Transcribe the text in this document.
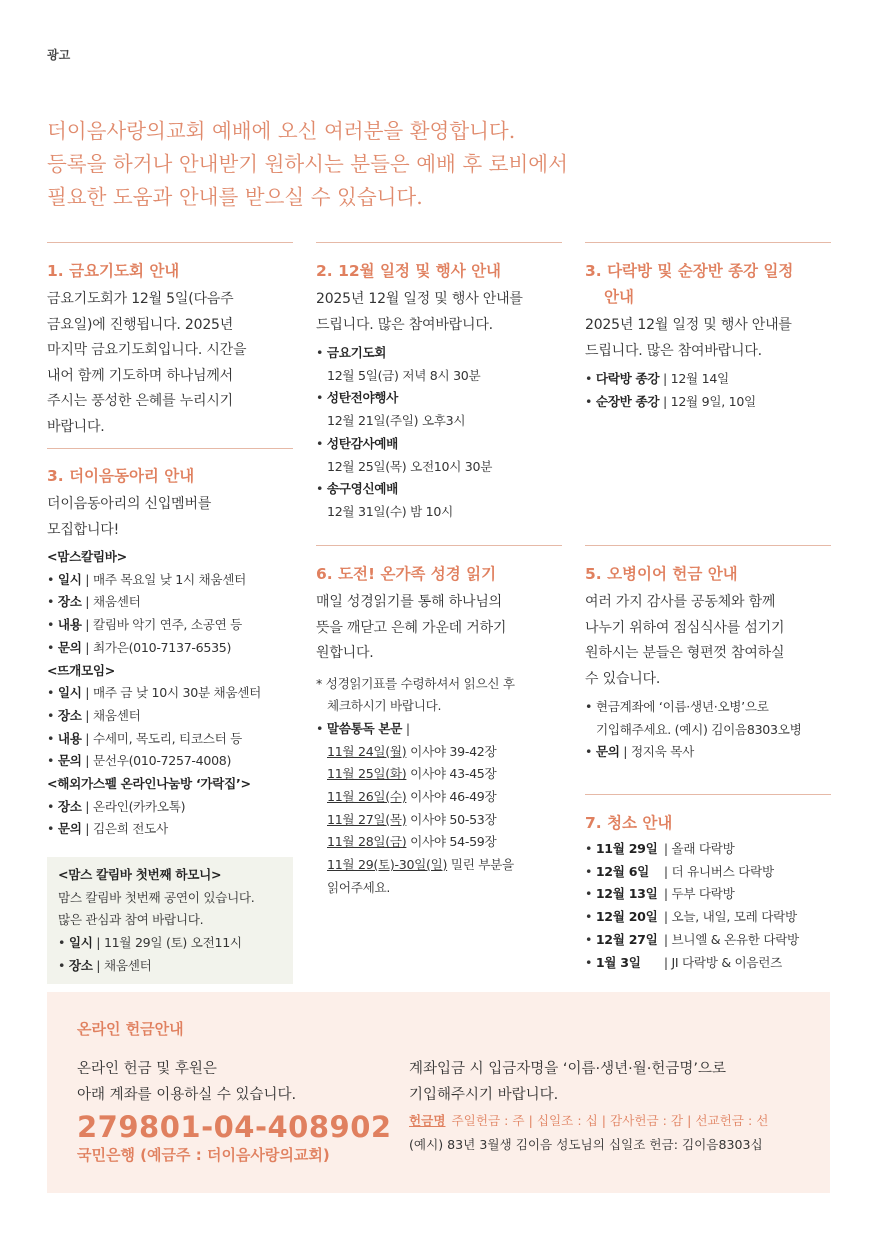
광고
더이음사랑의교회 예배에 오신 여러분을 환영합니다.
등록을 하거나 안내받기 원하시는 분들은 예배 후 로비에서
필요한 도움과 안내를 받으실 수 있습니다.
1. 금요기도회 안내
금요기도회가 12월 5일(다음주
금요일)에 진행됩니다. 2025년
마지막 금요기도회입니다. 시간을
내어 함께 기도하며 하나님께서
주시는 풍성한 은혜를 누리시기
바랍니다.
3. 더이음동아리 안내
더이음동아리의 신입멤버를
모집합니다!
<맘스칼림바>
• 일시 | 매주 목요일 낮 1시 채움센터
• 장소 | 채움센터
• 내용 | 칼림바 악기 연주, 소공연 등
• 문의 | 최가은(010-7137-6535)
<뜨개모임>
• 일시 | 매주 금 낮 10시 30분 채움센터
• 장소 | 채움센터
• 내용 | 수세미, 목도리, 티코스터 등
• 문의 | 문선우(010-7257-4008)
<해외가스펠 온라인나눔방 ‘가락집’>
• 장소 | 온라인(카카오톡)
• 문의 | 김은희 전도사
<맘스 칼림바 첫번째 하모니>
맘스 칼림바 첫번째 공연이 있습니다.
많은 관심과 참여 바랍니다.
• 일시 | 11월 29일 (토) 오전11시
• 장소 | 채움센터
2. 12월 일정 및 행사 안내
2025년 12월 일정 및 행사 안내를
드립니다. 많은 참여바랍니다.
• 금요기도회
12월 5일(금) 저녁 8시 30분
• 성탄전야행사
12월 21일(주일) 오후3시
• 성탄감사예배
12월 25일(목) 오전10시 30분
• 송구영신예배
12월 31일(수) 밤 10시
6. 도전! 온가족 성경 읽기
매일 성경읽기를 통해 하나님의
뜻을 깨닫고 은혜 가운데 거하기
원합니다.
* 성경읽기표를 수령하셔서 읽으신 후
체크하시기 바랍니다.
• 말씀통독 본문 |
11월 24일(월) 이사야 39-42장
11월 25일(화) 이사야 43-45장
11월 26일(수) 이사야 46-49장
11월 27일(목) 이사야 50-53장
11월 28일(금) 이사야 54-59장
11월 29(토)-30일(일) 밀린 부분을
읽어주세요.
3. 다락방 및 순장반 종강 일정
안내
2025년 12월 일정 및 행사 안내를
드립니다. 많은 참여바랍니다.
• 다락방 종강 | 12월 14일
• 순장반 종강 | 12월 9일, 10일
5. 오병이어 헌금 안내
여러 가지 감사를 공동체와 함께
나누기 위하여 점심식사를 섬기기
원하시는 분들은 형편껏 참여하실
수 있습니다.
• 현금계좌에 ‘이름·생년·오병’으로
기입해주세요. (예시) 김이음8303오병
• 문의 | 정지욱 목사
7. 청소 안내
• 11월 29일 | 올래 다락방
• 12월 6일 | 더 유니버스 다락방
• 12월 13일 | 두부 다락방
• 12월 20일 | 오늘, 내일, 모레 다락방
• 12월 27일 | 브니엘 & 온유한 다락방
• 1월 3일 | JI 다락방 & 이음런즈
온라인 헌금안내
온라인 헌금 및 후원은
아래 계좌를 이용하실 수 있습니다.
279801-04-408902
국민은행 (예금주 : 더이음사랑의교회)
계좌입금 시 입금자명을 ‘이름·생년·월·헌금명’으로
기입해주시기 바랍니다.
헌금명 주일헌금 : 주 | 십일조 : 십 | 감사헌금 : 감 | 선교헌금 : 선
(예시) 83년 3월생 김이음 성도님의 십일조 헌금: 김이음8303십
